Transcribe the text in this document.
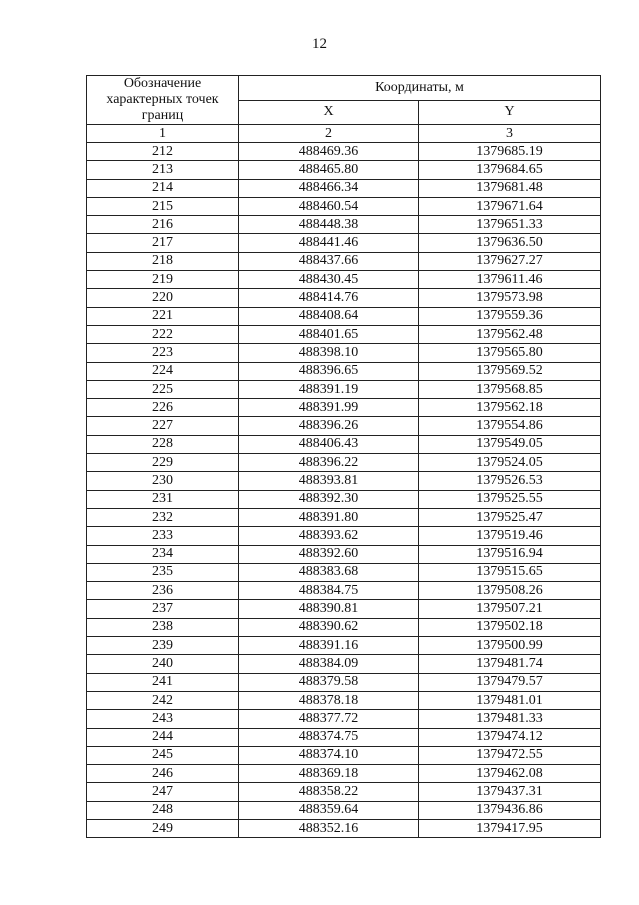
12
Обозначение характерных точек границ	Координаты, м	
	X	Y
1	2	3
212	488469.36	1379685.19
213	488465.80	1379684.65
214	488466.34	1379681.48
215	488460.54	1379671.64
216	488448.38	1379651.33
217	488441.46	1379636.50
218	488437.66	1379627.27
219	488430.45	1379611.46
220	488414.76	1379573.98
221	488408.64	1379559.36
222	488401.65	1379562.48
223	488398.10	1379565.80
224	488396.65	1379569.52
225	488391.19	1379568.85
226	488391.99	1379562.18
227	488396.26	1379554.86
228	488406.43	1379549.05
229	488396.22	1379524.05
230	488393.81	1379526.53
231	488392.30	1379525.55
232	488391.80	1379525.47
233	488393.62	1379519.46
234	488392.60	1379516.94
235	488383.68	1379515.65
236	488384.75	1379508.26
237	488390.81	1379507.21
238	488390.62	1379502.18
239	488391.16	1379500.99
240	488384.09	1379481.74
241	488379.58	1379479.57
242	488378.18	1379481.01
243	488377.72	1379481.33
244	488374.75	1379474.12
245	488374.10	1379472.55
246	488369.18	1379462.08
247	488358.22	1379437.31
248	488359.64	1379436.86
249	488352.16	1379417.95
